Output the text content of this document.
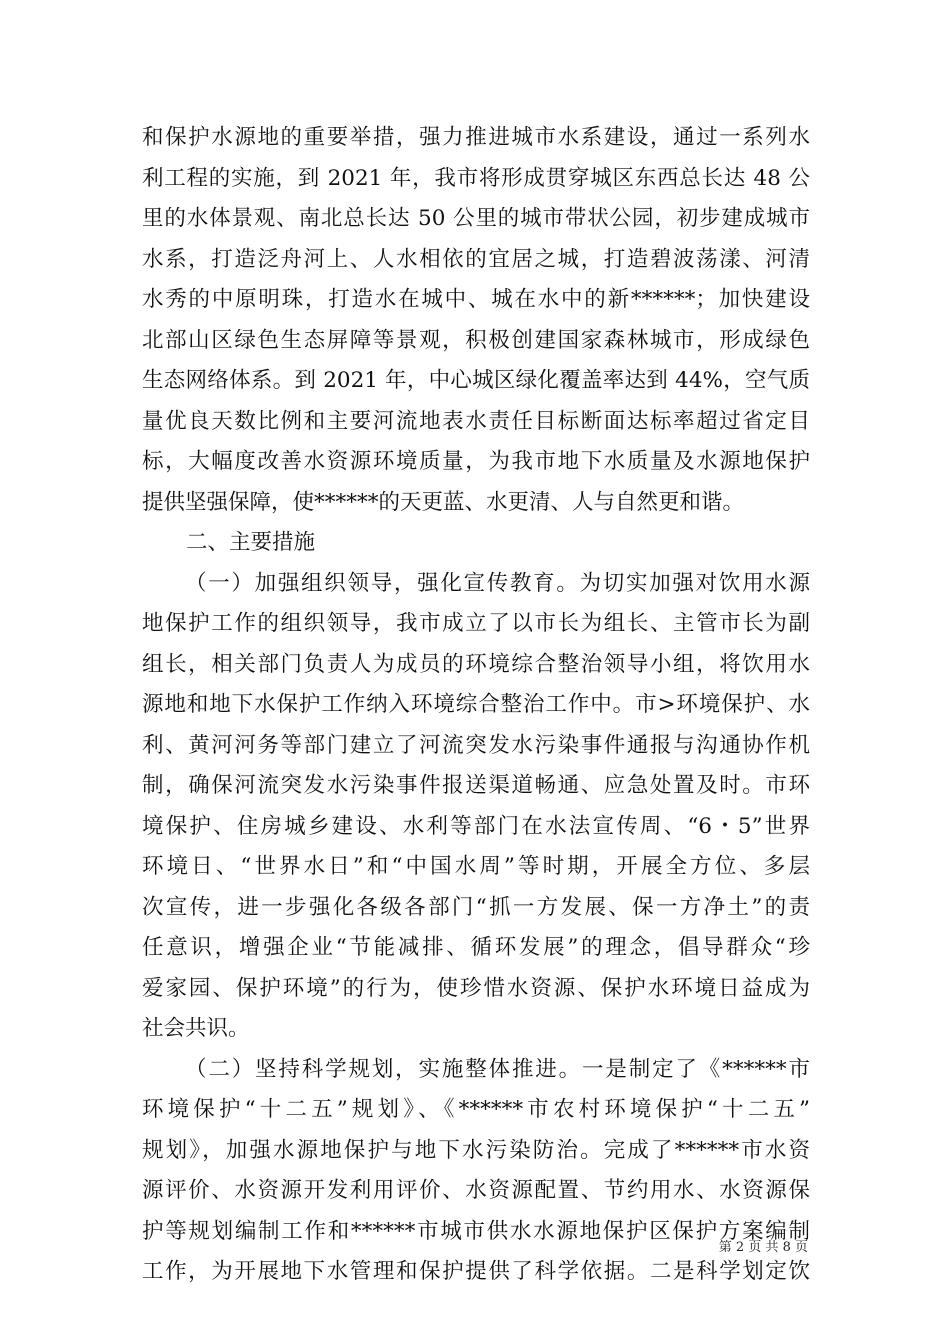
和保护水源地的重要举措，强力推进城市水系建设，通过一系列水
利工程的实施，到 2021 年，我市将形成贯穿城区东西总长达 48 公
里的水体景观、南北总长达 50 公里的城市带状公园，初步建成城市
水系，打造泛舟河上、人水相依的宜居之城，打造碧波荡漾、河清
水秀的中原明珠，打造水在城中、城在水中的新******；加快建设
北部山区绿色生态屏障等景观，积极创建国家森林城市，形成绿色
生态网络体系。到 2021 年，中心城区绿化覆盖率达到 44%，空气质
量优良天数比例和主要河流地表水责任目标断面达标率超过省定目
标，大幅度改善水资源环境质量，为我市地下水质量及水源地保护
提供坚强保障，使******的天更蓝、水更清、人与自然更和谐。
二、主要措施
（一）加强组织领导，强化宣传教育。为切实加强对饮用水源
地保护工作的组织领导，我市成立了以市长为组长、主管市长为副
组长，相关部门负责人为成员的环境综合整治领导小组，将饮用水
源地和地下水保护工作纳入环境综合整治工作中。市>环境保护、水
利、黄河河务等部门建立了河流突发水污染事件通报与沟通协作机
制，确保河流突发水污染事件报送渠道畅通、应急处置及时。市环
境保护、住房城乡建设、水利等部门在水法宣传周、“6・5”世界
环境日、“世界水日”和“中国水周”等时期，开展全方位、多层
次宣传，进一步强化各级各部门“抓一方发展、保一方净土”的责
任意识，增强企业“节能减排、循环发展”的理念，倡导群众“珍
爱家园、保护环境”的行为，使珍惜水资源、保护水环境日益成为
社会共识。
（二）坚持科学规划，实施整体推进。一是制定了《******市
环境保护“十二五”规划》、《******市农村环境保护“十二五”
规划》，加强水源地保护与地下水污染防治。完成了******市水资
源评价、水资源开发利用评价、水资源配置、节约用水、水资源保
护等规划编制工作和******市城市供水水源地保护区保护方案编制
工作，为开展地下水管理和保护提供了科学依据。二是科学划定饮
第 2 页 共 8 页
